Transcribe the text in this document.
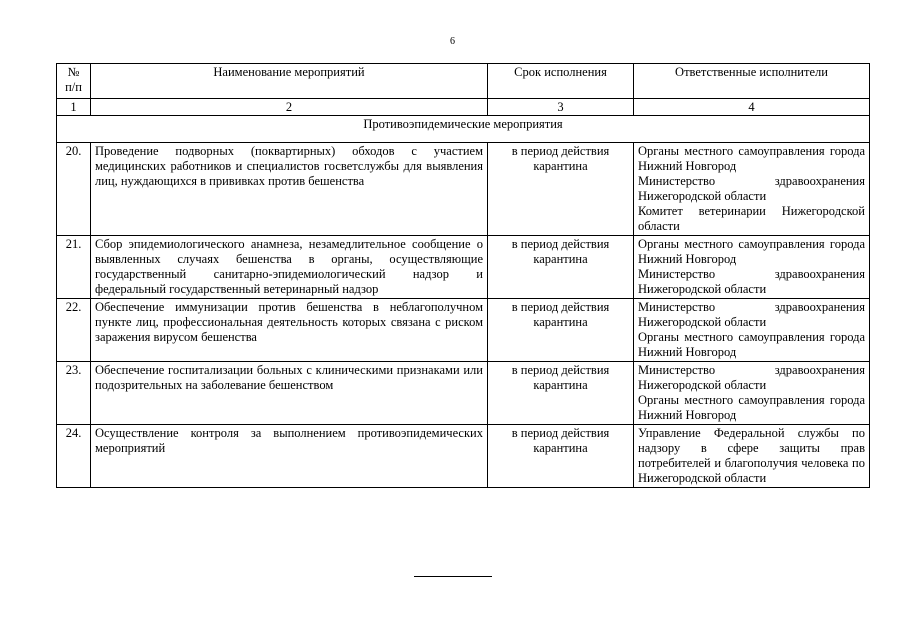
6
№ п/п	Наименование мероприятий	Срок исполнения	Ответственные исполнители
1	2	3	4
Противоэпидемические мероприятия			
20.	Проведение подворных (поквартирных) обходов с участием медицинских работников и специалистов госветслужбы для выявления лиц, нуждающихся в прививках против бешенства	в период действия карантина	Органы местного самоуправления города Нижний Новгород
Министерство здравоохранения Нижегородской области
Комитет ветеринарии Нижегородской области

21.	Сбор эпидемиологического анамнеза, незамедлительное сообщение о выявленных случаях бешенства в органы, осуществляющие государственный санитарно-эпидемиологический надзор и федеральный государственный ветеринарный надзор	в период действия карантина	Органы местного самоуправления города Нижний Новгород
Министерство здравоохранения Нижегородской области

22.	Обеспечение иммунизации против бешенства в неблагополучном пункте лиц, профессиональная деятельность которых связана с риском заражения вирусом бешенства	в период действия карантина	Министерство здравоохранения Нижегородской области
Органы местного самоуправления города Нижний Новгород

23.	Обеспечение госпитализации больных с клиническими признаками или подозрительных на заболевание бешенством	в период действия карантина	Министерство здравоохранения Нижегородской области
Органы местного самоуправления города Нижний Новгород

24.	Осуществление контроля за выполнением противоэпидемических мероприятий	в период действия карантина	Управление Федеральной службы по надзору в сфере защиты прав потребителей и благополучия человека по Нижегородской области
